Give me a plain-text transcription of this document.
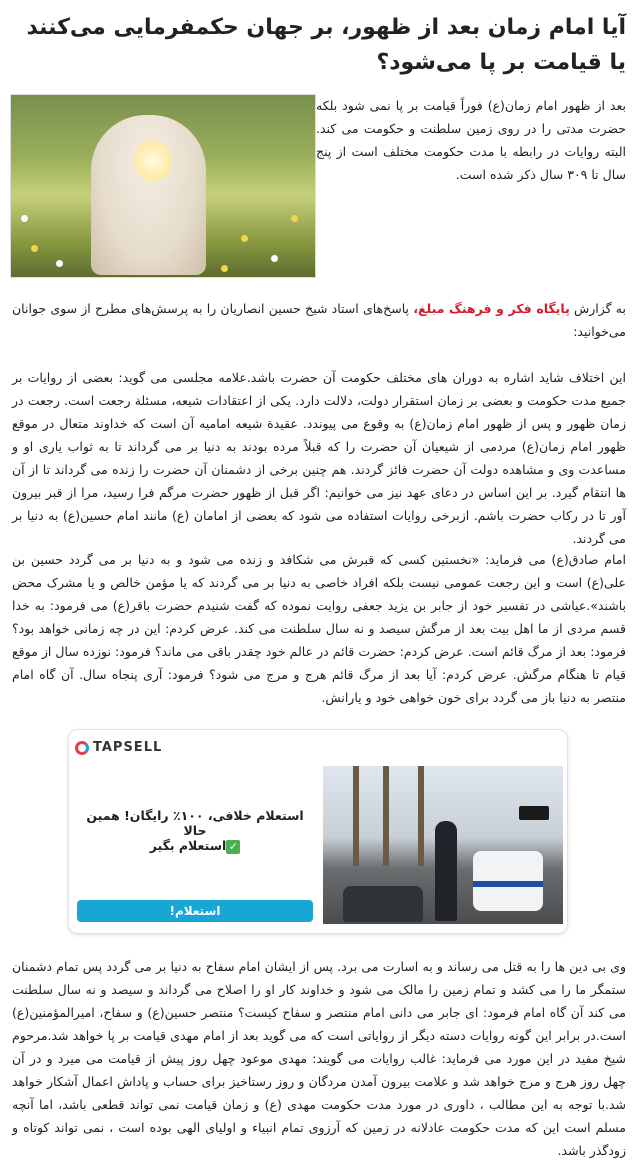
آیا امام زمان بعد از ظهور، بر جهان حکمفرمایی می‌کنند یا قیامت بر پا می‌شود؟

بعد از ظهور امام زمان(ع) فوراً قیامت بر پا نمی شود بلکه حضرت مدتی را در روی زمین سلطنت و حکومت می کند. البته روایات در رابطه با مدت حکومت مختلف است از پنج سال تا ۳۰۹ سال ذکر شده است.

به گزارش پایگاه فکر و فرهنگ مبلغ، پاسخ‌های استاد شیخ حسین انصاریان را به پرسش‌های مطرح از سوی جوانان می‌خوانید:

این اختلاف شاید اشاره به دوران های مختلف حکومت آن حضرت باشد.علامه مجلسی می گوید: بعضی از روایات بر جمیع مدت حکومت و بعضی بر زمان استقرار دولت، دلالت دارد. یکی از اعتقادات شیعه، مسئلة رجعت است. رجعت در زمان ظهور و پس از ظهور امام زمان(ع) به وقوع می پیوندد. عقیدة شیعه امامیه آن است که خداوند متعال در موقع ظهور امام زمان(ع) مردمی از شیعیان آن حضرت را که قبلاً مرده بودند به دنیا بر می گرداند تا به ثواب یاری او و مساعدت وی و مشاهده دولت آن حضرت فائز گردند. هم چنین برخی از دشمنان آن حضرت را زنده می گرداند تا از آن ها انتقام گیرد. بر این اساس در دعای عهد نیز می خوانیم: اگر قبل از ظهور حضرت مرگم فرا رسید، مرا از قبر بیرون آور تا در رکاب حضرت باشم. ازبرخی روایات استفاده می شود که بعضی از امامان (ع) مانند امام حسین(ع) به دنیا بر می گردند.

امام صادق(ع) می فرماید: «نخستین کسی که قبرش می شکافد و زنده می شود و به دنیا بر می گردد حسین بن علی(ع) است و این رجعت عمومی نیست بلکه افراد خاصی به دنیا بر می گردند که یا مؤمن خالص و یا مشرک محض باشند».عیاشی در تفسیر خود از جابر بن یزید جعفی روایت نموده که گفت شنیدم حضرت باقر(ع) می فرمود: به خدا قسم مردی از ما اهل بیت بعد از مرگش سیصد و نه سال سلطنت می کند. عرض کردم: این در چه زمانی خواهد بود؟ فرمود: بعد از مرگ قائم است. عرض کردم: حضرت قائم در عالم خود چقدر باقی می ماند؟ فرمود: نوزده سال از موقع قیام تا هنگام مرگش. عرض کردم: آیا بعد از مرگ قائم هرج و مرج می شود؟ فرمود: آری پنجاه سال. آن گاه امام منتصر به دنیا باز می گردد برای خون خواهی خود و یارانش.

TAPSELL
استعلام خلافی، ۱۰۰٪ رایگان! همین حالا
✓استعلام بگیر
استعلام!

وی بی دین ها را به قتل می رساند و به اسارت می برد. پس از ایشان امام سفاح به دنیا بر می گردد پس تمام دشمنان ستمگر ما را می کشد و تمام زمین را مالک می شود و خداوند کار او را اصلاح می گرداند و سیصد و نه سال سلطنت می کند آن گاه امام فرمود: ای جابر می دانی امام منتصر و سفاح کیست؟ منتصر حسین(ع) و سفاح، امیرالمؤمنین(ع) است.در برابر این گونه روایات دسته دیگر از روایاتی است که می گوید بعد از امام مهدی قیامت بر پا خواهد شد.مرحوم شیخ مفید در این مورد می فرماید: غالب روایات می گویند: مهدی موعود چهل روز پیش از قیامت می میرد و در آن چهل روز هرج و مرج خواهد شد و علامت بیرون آمدن مردگان و روز رستاخیز برای حساب و پاداش اعمال آشکار خواهد شد.با توجه به این مطالب ، داوری در مورد مدت حکومت مهدی (ع) و زمان قیامت نمی تواند قطعی باشد، اما آنچه مسلم است این که مدت حکومت عادلانه در زمین که آرزوی تمام انبیاء و اولیای الهی بوده است ، نمی تواند کوتاه و زودگذر باشد.
